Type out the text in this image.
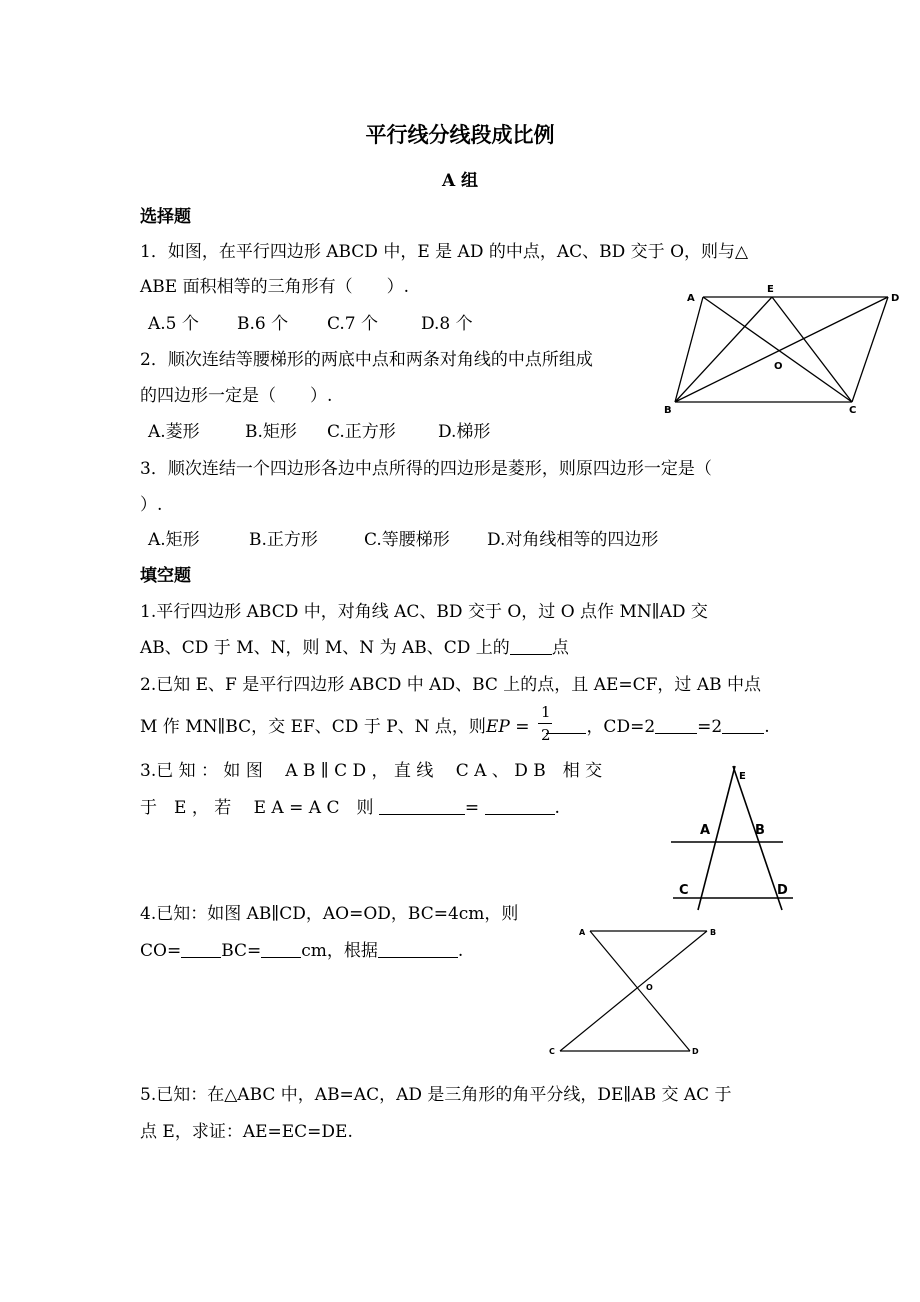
平行线分线段成比例
A 组
选择题
1．如图，在平行四边形 ABCD 中，E 是 AD 的中点，AC、BD 交于 O，则与△
ABE 面积相等的三角形有（　　）.
A.5 个 B.6 个 C.7 个	D.8 个
2．顺次连结等腰梯形的两底中点和两条对角线的中点所组成
的四边形一定是（　　）.
A.菱形	B.矩形 C.正方形 D.梯形
3．顺次连结一个四边形各边中点所得的四边形是菱形，则原四边形一定是（
）.
A.矩形	B.正方形	C.等腰梯形 D.对角线相等的四边形
填空题
1.平行四边形 ABCD 中，对角线 AC、BD 交于 O，过 O 点作 MN∥AD 交
AB、CD 于 M、N，则 M、N 为 AB、CD 上的 点
2.已知 E、F 是平行四边形 ABCD 中 AD、BC 上的点，且 AE=CF，过 AB 中点
M 作 MN∥BC，交 EF、CD 于 P、N 点，则EP =	，CD=2 =2 .
1
2
3.已 知 ： 如 图　 A B ∥ C D ， 直 线　 C A 、 D B　相 交
于　E ， 若　 E A = A C　则	=	.
4.已知：如图 AB∥CD，AO=OD，BC=4cm，则
CO= BC= cm，根据	.
5.已知：在△ABC 中，AB=AC，AD 是三角形的角平分线，DE∥AB 交 AC 于
点 E，求证：AE=EC=DE.
A
E
D
B	C
O
E
A	B
C	D
A	B
O
C	D
